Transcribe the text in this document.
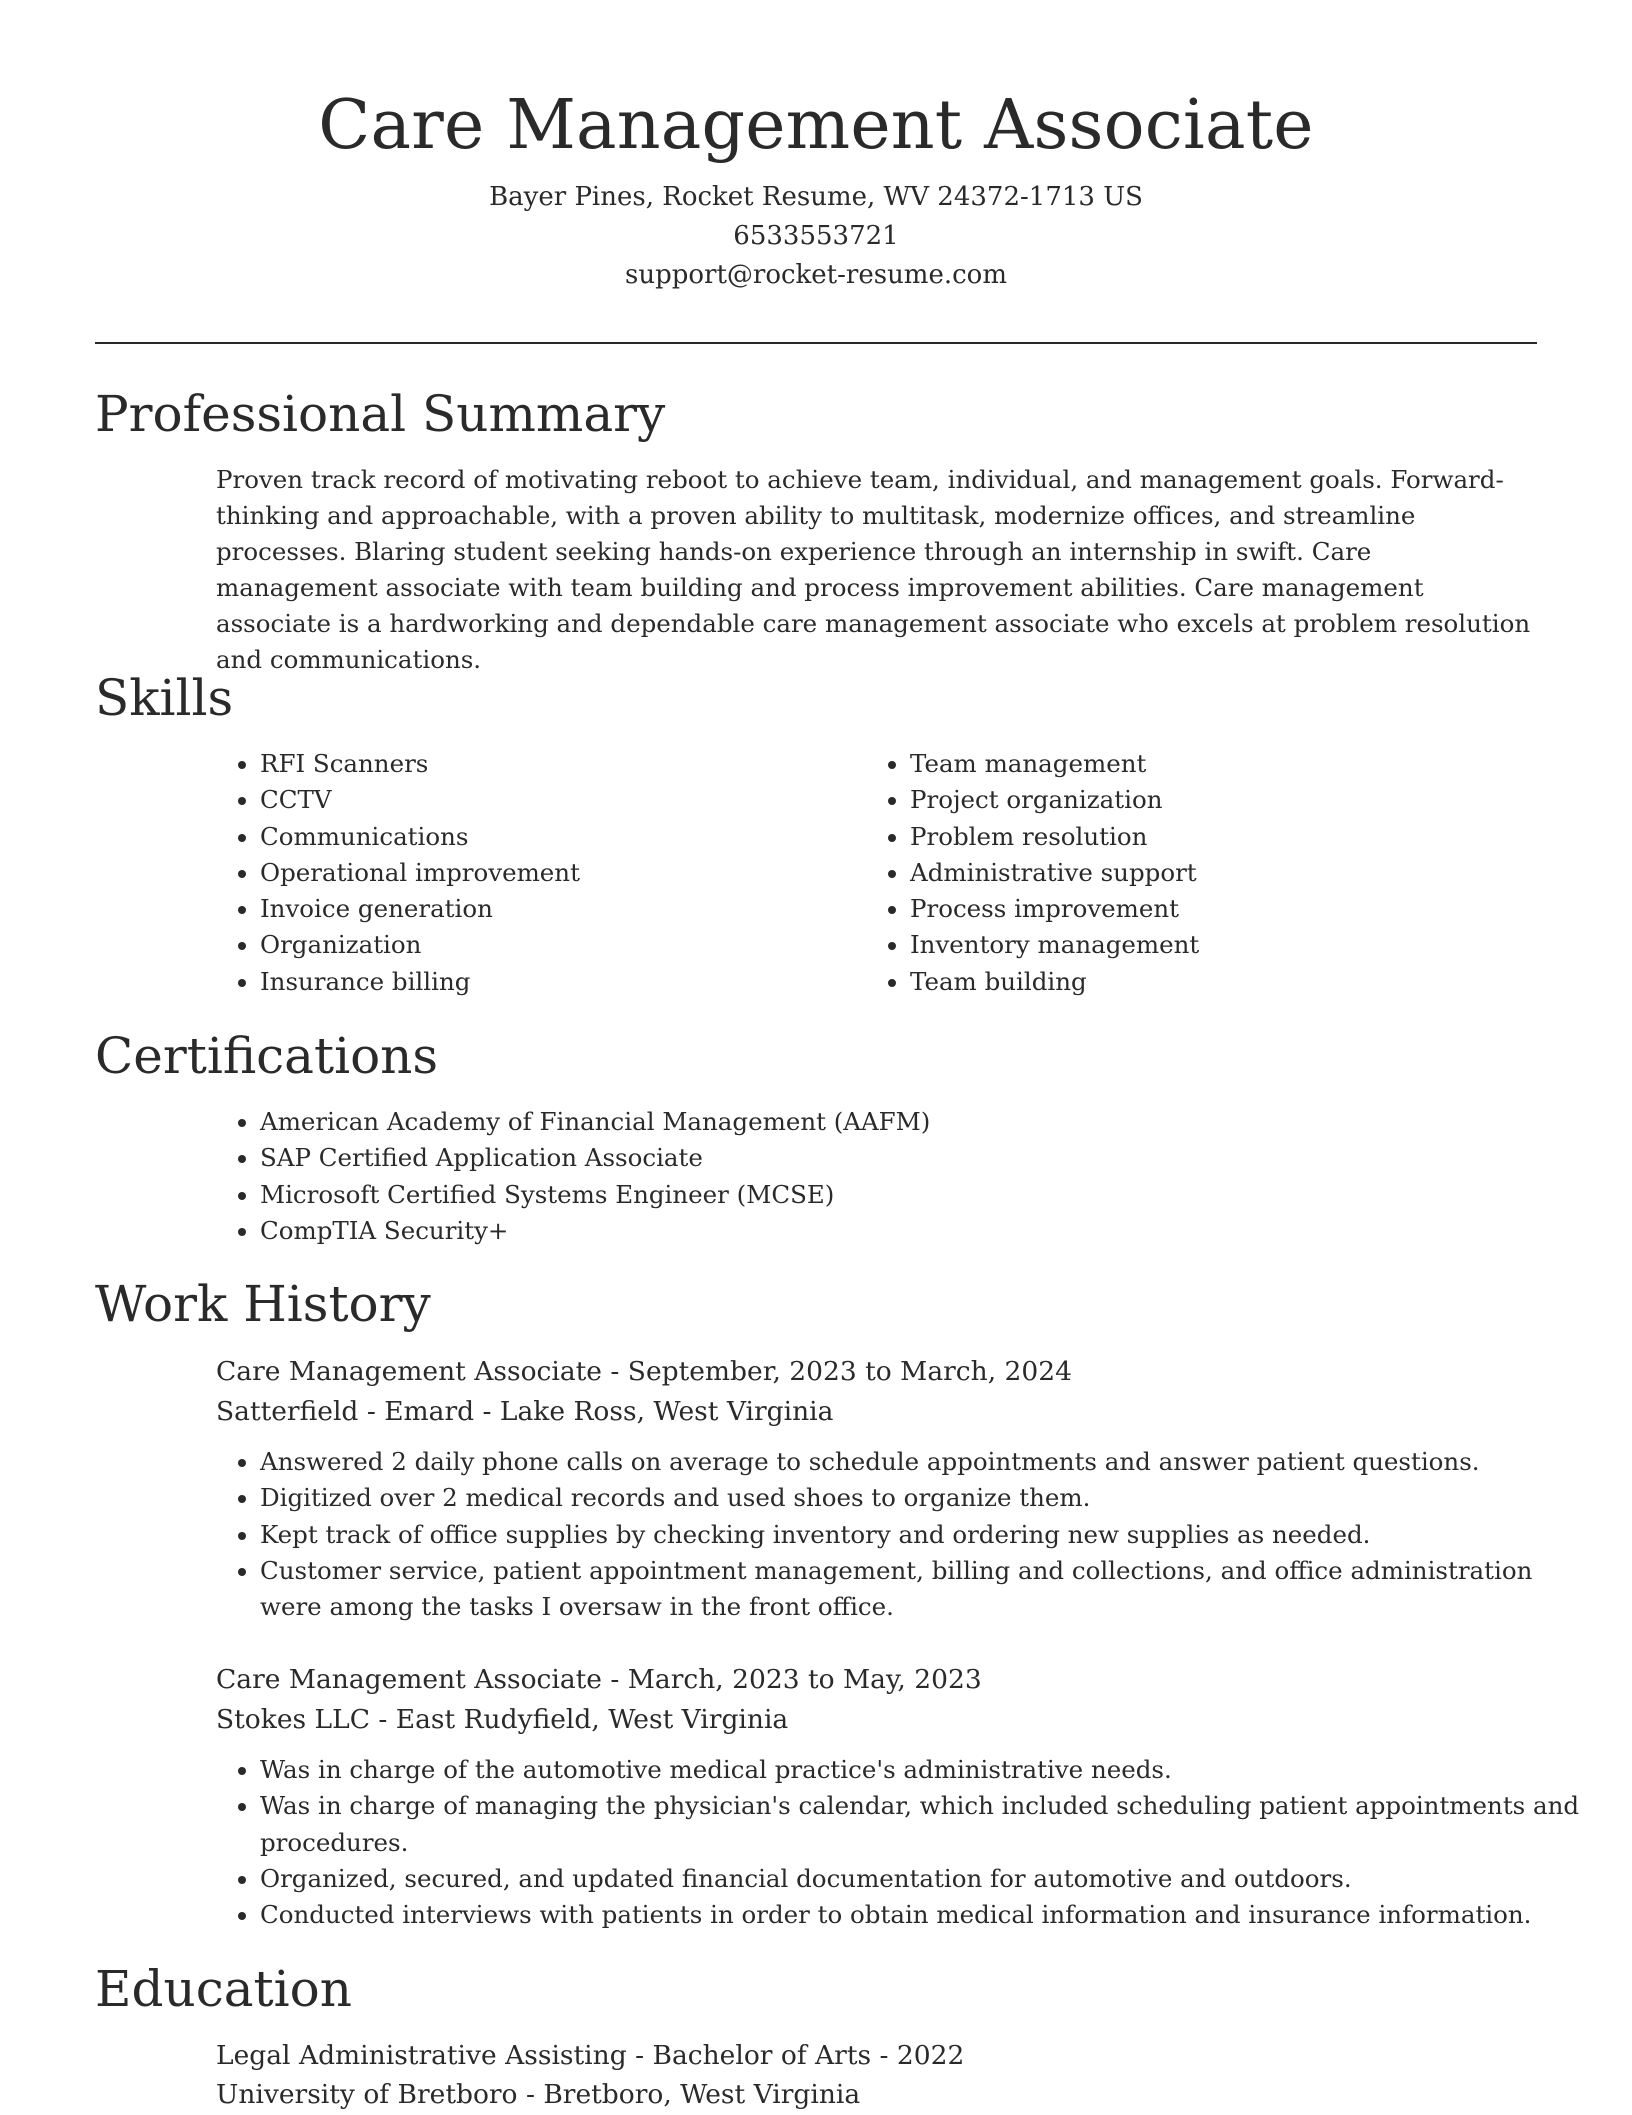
Care Management Associate
Bayer Pines, Rocket Resume, WV 24372-1713 US
6533553721
support@rocket-resume.com
Professional Summary
Proven track record of motivating reboot to achieve team, individual, and management goals. Forward-thinking and approachable, with a proven ability to multitask, modernize offices, and streamline processes. Blaring student seeking hands-on experience through an internship in swift. Care management associate with team building and process improvement abilities. Care management associate is a hardworking and dependable care management associate who excels at problem resolution and communications.
Skills
• RFI Scanners
• CCTV
• Communications
• Operational improvement
• Invoice generation
• Organization
• Insurance billing
• Team management
• Project organization
• Problem resolution
• Administrative support
• Process improvement
• Inventory management
• Team building
Certifications
• American Academy of Financial Management (AAFM)
• SAP Certified Application Associate
• Microsoft Certified Systems Engineer (MCSE)
• CompTIA Security+
Work History
Care Management Associate - September, 2023 to March, 2024
Satterfield - Emard - Lake Ross, West Virginia
• Answered 2 daily phone calls on average to schedule appointments and answer patient questions.
• Digitized over 2 medical records and used shoes to organize them.
• Kept track of office supplies by checking inventory and ordering new supplies as needed.
• Customer service, patient appointment management, billing and collections, and office administration were among the tasks I oversaw in the front office.
Care Management Associate - March, 2023 to May, 2023
Stokes LLC - East Rudyfield, West Virginia
• Was in charge of the automotive medical practice's administrative needs.
• Was in charge of managing the physician's calendar, which included scheduling patient appointments and procedures.
• Organized, secured, and updated financial documentation for automotive and outdoors.
• Conducted interviews with patients in order to obtain medical information and insurance information.
Education
Legal Administrative Assisting - Bachelor of Arts - 2022
University of Bretboro - Bretboro, West Virginia
